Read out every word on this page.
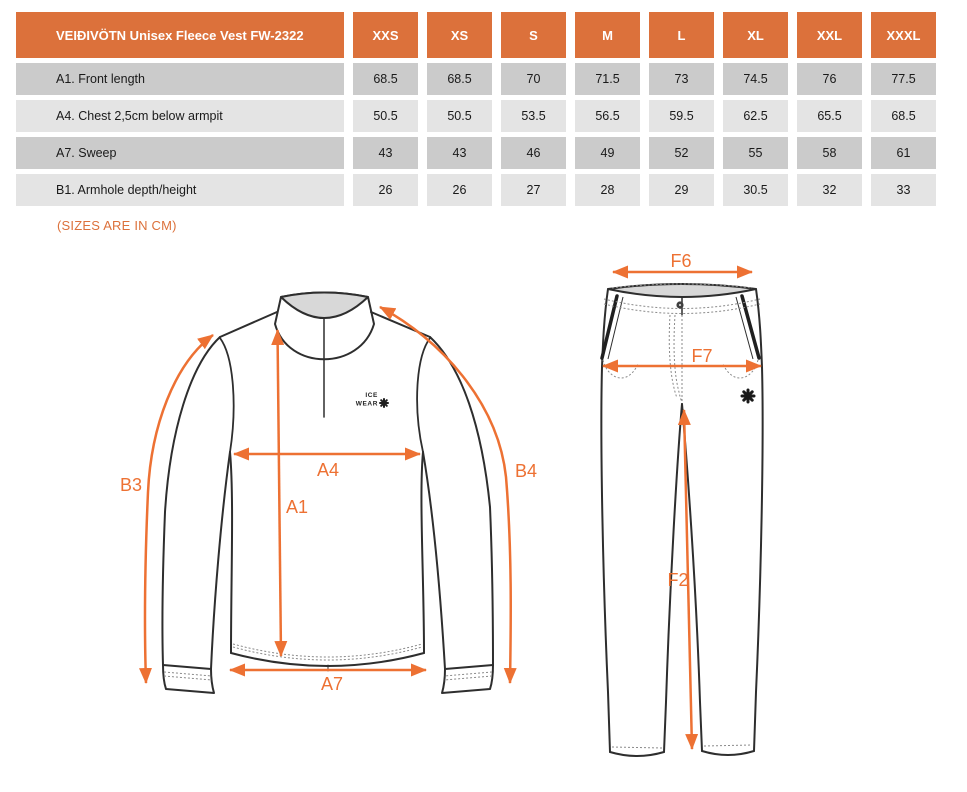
VEIÐIVÖTN Unisex Fleece Vest FW-2322	XXS	XS	S	M	L	XL	XXL	XXXL
A1. Front length	68.5	68.5	70	71.5	73	74.5	76	77.5
A4. Chest 2,5cm below armpit	50.5	50.5	53.5	56.5	59.5	62.5	65.5	68.5
A7. Sweep	43	43	46	49	52	55	58	61
B1. Armhole depth/height	26	26	27	28	29	30.5	32	33
(SIZES ARE IN CM)
ICE
WEAR
A4
A1
A7
B3
B4
F6
F7
F2
